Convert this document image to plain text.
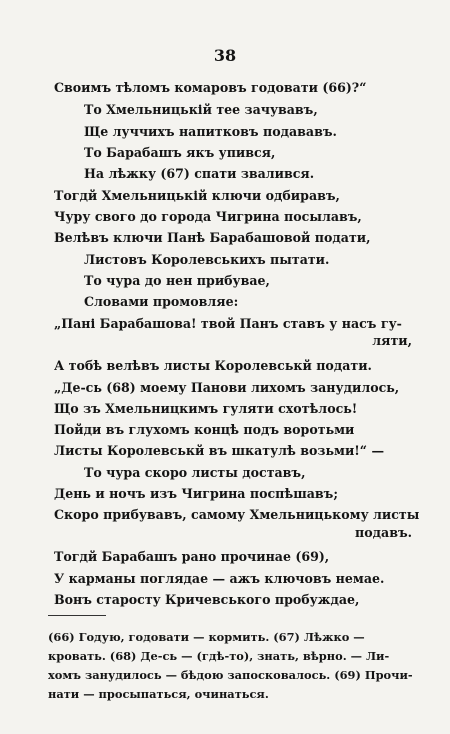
38
Своимъ тѣломъ комаровъ годовати (66)?“
То Хмельницькій тее зачувавъ,
Ще луччихъ напитковъ подававъ.
То Барабашъ якъ упився,
На лѣжку (67) спати звалився.
Тогдй Хмельницькій ключи одбиравъ,
Чуру свого до города Чигрина посылавъ,
Велѣвъ ключи Панѣ Барабашовой подати,
Листовъ Королевськихъ пытати.
То чура до нен прибувае,
Словами промовляе:
„Пані Барабашова! твой Панъ ставъ у насъ гу-
ляти,
А тобѣ велѣвъ листы Королевськй подати.
„Де-сь (68) моему Панови лихомъ занудилось,
Що зъ Хмельницкимъ гуляти схотѣлось!
Пойди въ глухомъ концѣ подъ воротьми
Листы Королевськй въ шкатулѣ возьми!“ —
То чура скоро листы доставъ,
День и ночъ изъ Чигрина поспѣшавъ;
Скоро прибувавъ, самому Хмельницькому листы
подавъ.
Тогдй Барабашъ рано прочинае (69),
У карманы поглядае — ажъ ключовъ немае.
Вонъ старосту Кричевського пробуждае,
(66) Годую, годовати — кормить. (67) Лѣжко —
кровать. (68) Де-сь — (гдѣ-то), знать, вѣрно. — Ли-
хомъ занудилось — бѣдою запосковалось. (69) Прочи-
нати — просыпаться, очинаться.
